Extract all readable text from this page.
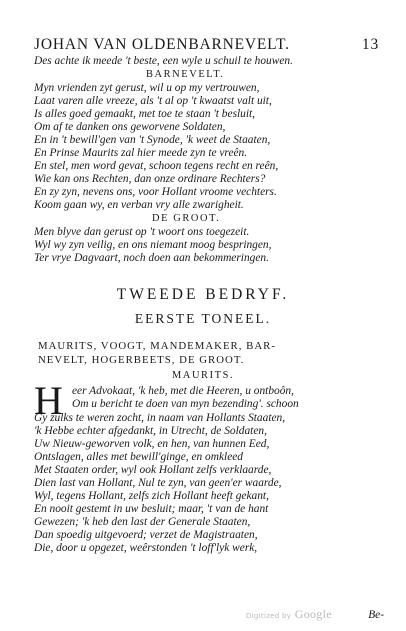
JOHAN VAN OLDENBARNEVELT.	13
Des achte ik meede 't beste, een wyle u schuil te houwen.
BARNEVELT.
Myn vrienden zyt gerust, wil u op my vertrouwen,
Laat varen alle vreeze, als 't al op 't kwaatst valt uit,
Is alles goed gemaakt, met toe te staan 't besluit,
Om af te danken ons geworvene Soldaten,
En in 't bewill'gen van 't Synode, 'k weet de Staaten,
En Prinse Maurits zal hier meede zyn te vreên.
En stel, men word gevat, schoon tegens recht en reên,
Wie kan ons Rechten, dan onze ordinare Rechters?
En zy zyn, nevens ons, voor Hollant vroome vechters.
Koom gaan wy, en verban vry alle zwarigheit.
DE GROOT.
Men blyve dan gerust op 't woort ons toegezeit.
Wyl wy zyn veilig, en ons niemant moog bespringen,
Ter vrye Dagvaart, noch doen aan bekommeringen.
TWEEDE BEDRYF.
EERSTE TONEEL.
MAURITS, VOOGT, MANDEMAKER, BAR-
NEVELT, HOGERBEETS, DE GROOT.
MAURITS.
H eer Advokaat, 'k heb, met die Heeren, u ontboôn,
Om u bericht te doen van myn bezending'. schoon
Gy zulks te weren zocht, in naam van Hollants Staaten,
'k Hebbe echter afgedankt, in Utrecht, de Soldaten,
Uw Nieuw-geworven volk, en hen, van hunnen Eed,
Ontslagen, alles met bewill'ginge, en omkleed
Met Staaten order, wyl ook Hollant zelfs verklaarde,
Dien last van Hollant, Nul te zyn, van geen'er waarde,
Wyl, tegens Hollant, zelfs zich Hollant heeft gekant,
En nooit gestemt in uw besluit; maar, 't van de hant
Gewezen; 'k heb den last der Generale Staaten,
Dan spoedig uitgevoerd; verzet de Magistraaten,
Die, door u opgezet, weêrstonden 't loff'lyk werk,
Digitized by Google	Be-
